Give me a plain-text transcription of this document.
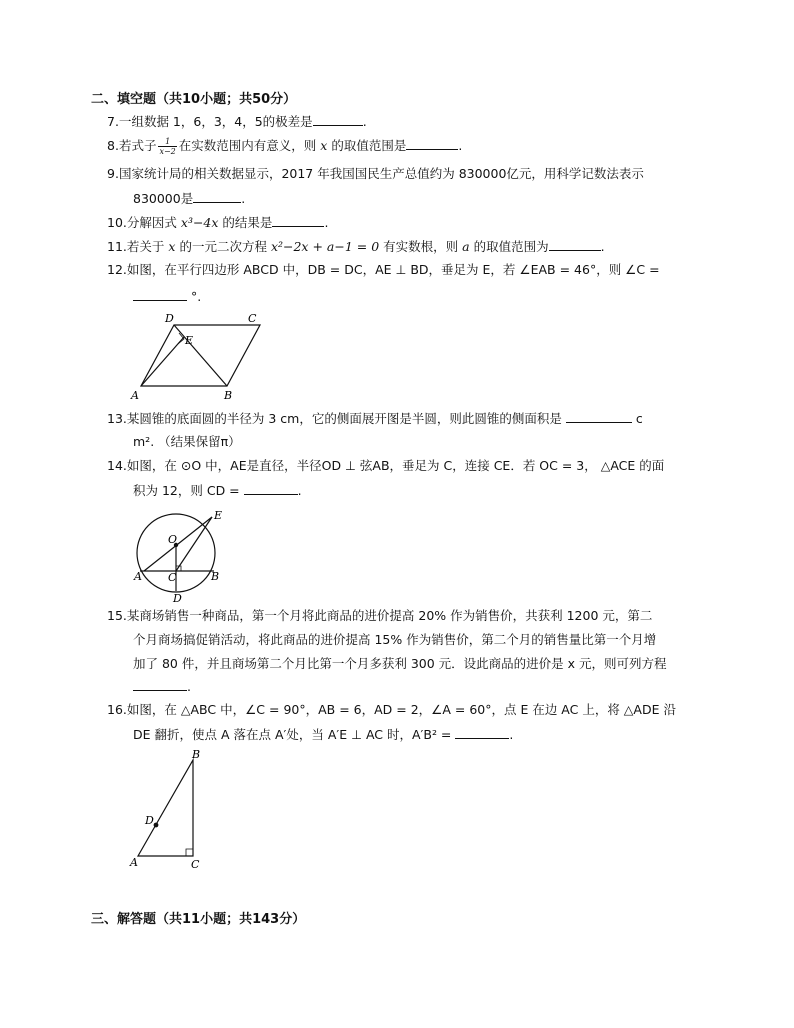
二、填空题（共10小题；共50分）
7.一组数据 1，6，3，4，5的极差是	.
8.若式子 $\frac{1}{x-2}$ 在实数范围内有意义，则 x 的取值范围是	.
9.国家统计局的相关数据显示，2017 年我国国民生产总值约为 830000亿元，用科学记数法表示
830000是	.
10.分解因式 x³−4x 的结果是	.
11.若关于 x 的一元二次方程 x²−2x + a−1 = 0 有实数根，则 a 的取值范围为	.
12.如图，在平行四边形 ABCD 中，DB = DC，AE ⊥ BD，垂足为 E，若 ∠EAB = 46°，则 ∠C =
°.
D	C
E
A	B
13.某圆锥的底面圆的半径为 3 cm，它的侧面展开图是半圆，则此圆锥的侧面积是	c
m². （结果保留π）
14.如图，在 ⊙O 中，AE是直径，半径OD ⊥ 弦AB，垂足为 C，连接 CE．若 OC = 3， △ACE 的面
积为 12，则 CD =	.
E
O
A C	B
D
15.某商场销售一种商品，第一个月将此商品的进价提高 20% 作为销售价，共获利 1200 元，第二
个月商场搞促销活动，将此商品的进价提高 15% 作为销售价，第二个月的销售量比第一个月增
加了 80 件，并且商场第二个月比第一个月多获利 300 元．设此商品的进价是 x 元，则可列方程
.
16.如图，在 △ABC 中，∠C = 90°，AB = 6，AD = 2，∠A = 60°，点 E 在边 AC 上，将 △ADE 沿
DE 翻折，使点 A 落在点 A′处，当 A′E ⊥ AC 时，A′B² =	.
B
D
A	C
三、解答题（共11小题；共143分）
